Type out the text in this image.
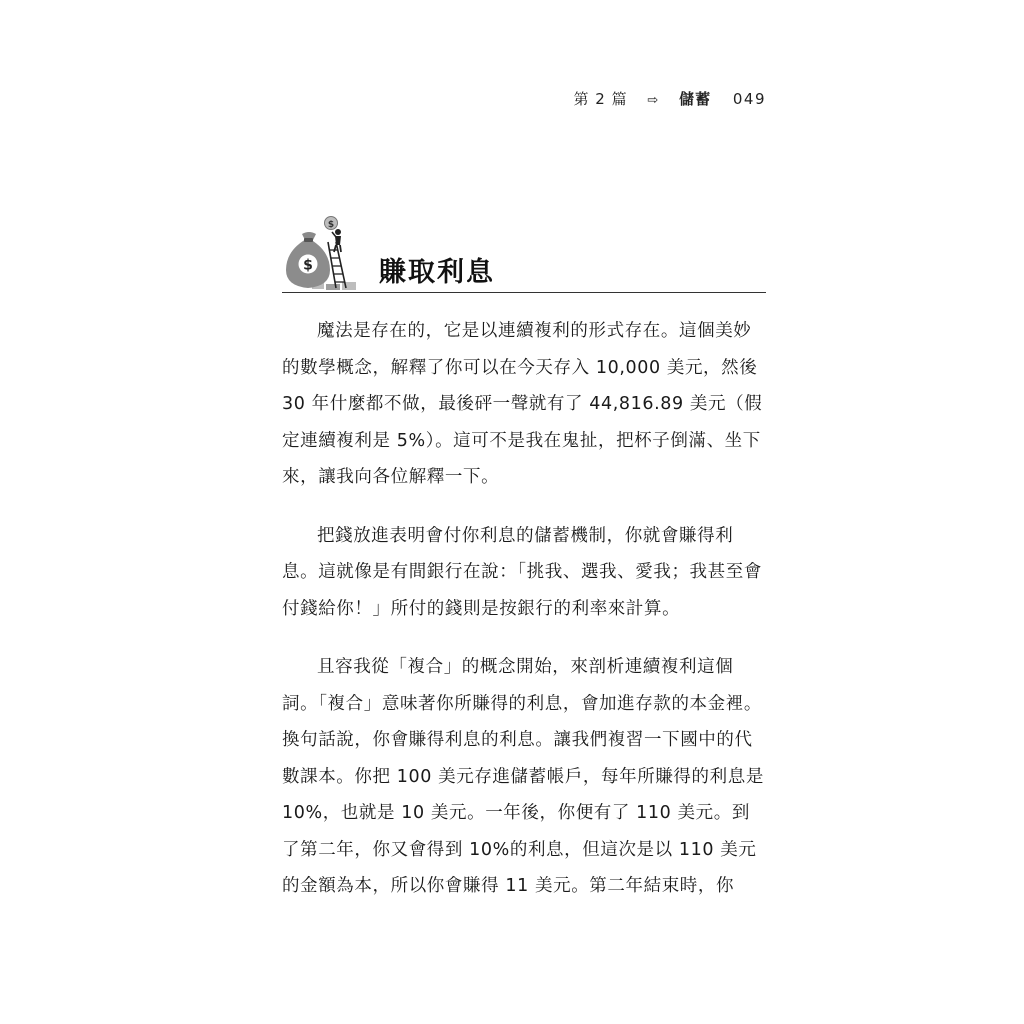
第 2 篇 ⇨ 儲蓄 049
$
$
賺取利息

魔法是存在的，它是以連續複利的形式存在。這個美妙的數學概念，解釋了你可以在今天存入 10,000 美元，然後 30 年什麼都不做，最後砰一聲就有了 44,816.89 美元（假定連續複利是 5%）。這可不是我在鬼扯，把杯子倒滿、坐下來，讓我向各位解釋一下。

把錢放進表明會付你利息的儲蓄機制，你就會賺得利息。這就像是有間銀行在說：「挑我、選我、愛我；我甚至會付錢給你！」所付的錢則是按銀行的利率來計算。

且容我從「複合」的概念開始，來剖析連續複利這個詞。「複合」意味著你所賺得的利息，會加進存款的本金裡。換句話說，你會賺得利息的利息。讓我們複習一下國中的代數課本。你把 100 美元存進儲蓄帳戶，每年所賺得的利息是 10%，也就是 10 美元。一年後，你便有了 110 美元。到了第二年，你又會得到 10%的利息，但這次是以 110 美元的金額為本，所以你會賺得 11 美元。第二年結束時，你
